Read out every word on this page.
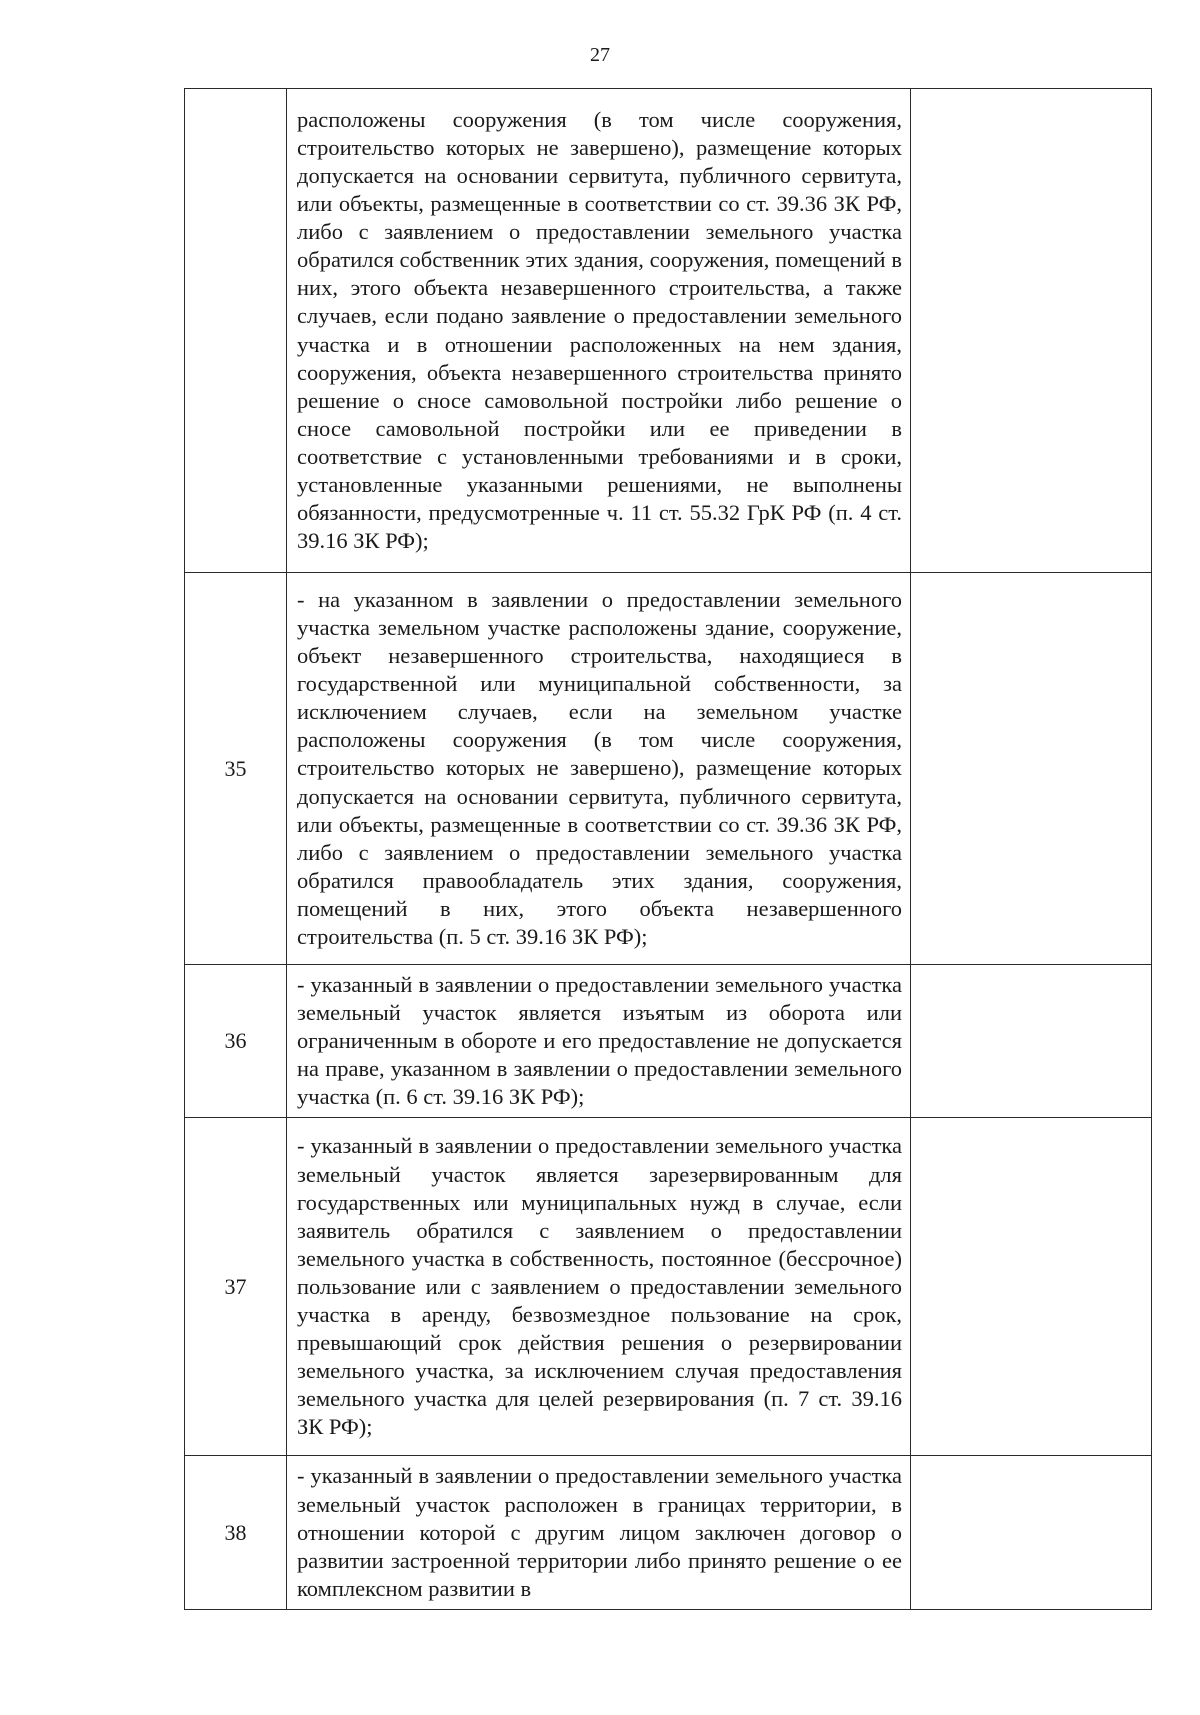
27

	расположены сооружения (в том числе сооружения, строительство которых не завершено), размещение которых допускается на основании сервитута, публичного сервитута, или объекты, размещенные в соответствии со ст. 39.36 ЗК РФ, либо с заявлением о предоставлении земельного участка обратился собственник этих здания, сооружения, помещений в них, этого объекта незавершенного строительства, а также случаев, если подано заявление о предоставлении земельного участка и в отношении расположенных на нем здания, сооружения, объекта незавершенного строительства принято решение о сносе самовольной постройки либо решение о сносе самовольной постройки или ее приведении в соответствие с установленными требованиями и в сроки, установленные указанными решениями, не выполнены обязанности, предусмотренные ч. 11 ст. 55.32 ГрК РФ (п. 4 ст. 39.16 ЗК РФ);	

35	- на указанном в заявлении о предоставлении земельного участка земельном участке расположены здание, сооружение, объект незавершенного строительства, находящиеся в государственной или муниципальной собственности, за исключением случаев, если на земельном участке расположены сооружения (в том числе сооружения, строительство которых не завершено), размещение которых допускается на основании сервитута, публичного сервитута, или объекты, размещенные в соответствии со ст. 39.36 ЗК РФ, либо с заявлением о предоставлении земельного участка обратился правообладатель этих здания, сооружения, помещений в них, этого объекта незавершенного строительства (п. 5 ст. 39.16 ЗК РФ);	

36	- указанный в заявлении о предоставлении земельного участка земельный участок является изъятым из оборота или ограниченным в обороте и его предоставление не допускается на праве, указанном в заявлении о предоставлении земельного участка (п. 6 ст. 39.16 ЗК РФ);	

37	- указанный в заявлении о предоставлении земельного участка земельный участок является зарезервированным для государственных или муниципальных нужд в случае, если заявитель обратился с заявлением о предоставлении земельного участка в собственность, постоянное (бессрочное) пользование или с заявлением о предоставлении земельного участка в аренду, безвозмездное пользование на срок, превышающий срок действия решения о резервировании земельного участка, за исключением случая предоставления земельного участка для целей резервирования (п. 7 ст. 39.16 ЗК РФ);	

38	- указанный в заявлении о предоставлении земельного участка земельный участок расположен в границах территории, в отношении которой с другим лицом заключен договор о развитии застроенной территории либо принято решение о ее комплексном развитии в	
